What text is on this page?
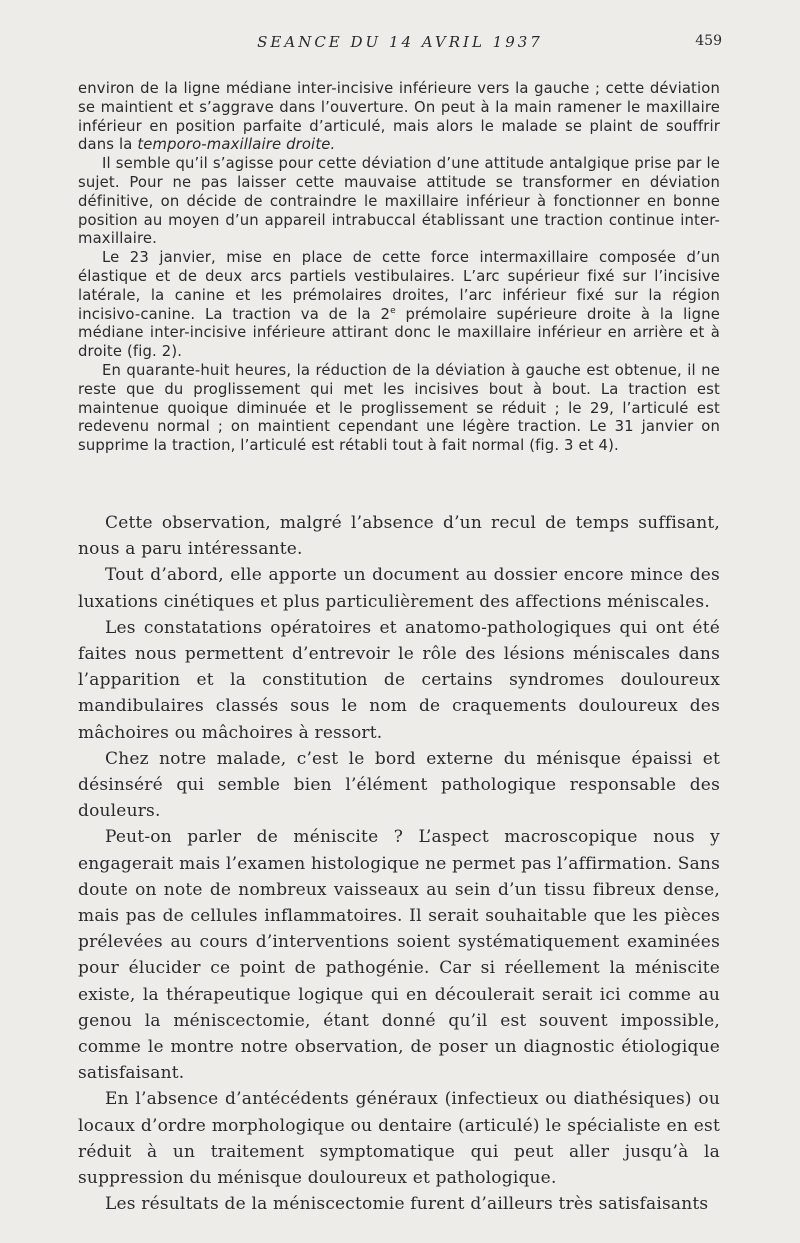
SEANCE DU 14 AVRIL 1937	459

environ de la ligne médiane inter-incisive inférieure vers la gauche ; cette déviation se maintient et s’aggrave dans l’ouverture. On peut à la main ramener le maxillaire inférieur en position parfaite d’articulé, mais alors le malade se plaint de souffrir dans la temporo-maxillaire droite.

Il semble qu’il s’agisse pour cette déviation d’une attitude antalgique prise par le sujet. Pour ne pas laisser cette mauvaise attitude se transformer en déviation définitive, on décide de contraindre le maxillaire inférieur à fonctionner en bonne position au moyen d’un appareil intrabuccal établissant une traction continue inter-maxillaire.

Le 23 janvier, mise en place de cette force intermaxillaire composée d’un élastique et de deux arcs partiels vestibulaires. L’arc supérieur fixé sur l’incisive latérale, la canine et les prémolaires droites, l’arc inférieur fixé sur la région incisivo-canine. La traction va de la 2e prémolaire supérieure droite à la ligne médiane inter-incisive inférieure attirant donc le maxillaire inférieur en arrière et à droite (fig. 2).

En quarante-huit heures, la réduction de la déviation à gauche est obtenue, il ne reste que du proglissement qui met les incisives bout à bout. La traction est maintenue quoique diminuée et le proglissement se réduit ; le 29, l’articulé est redevenu normal ; on maintient cependant une légère traction. Le 31 janvier on supprime la traction, l’articulé est rétabli tout à fait normal (fig. 3 et 4).

Cette observation, malgré l’absence d’un recul de temps suffisant, nous a paru intéressante.

Tout d’abord, elle apporte un document au dossier encore mince des luxations cinétiques et plus particulièrement des affections méniscales.

Les constatations opératoires et anatomo-pathologiques qui ont été faites nous permettent d’entrevoir le rôle des lésions méniscales dans l’apparition et la constitution de certains syndromes douloureux mandibulaires classés sous le nom de craquements douloureux des mâchoires ou mâchoires à ressort.

Chez notre malade, c’est le bord externe du ménisque épaissi et désinséré qui semble bien l’élément pathologique responsable des douleurs.

Peut-on parler de méniscite ? L’aspect macroscopique nous y engagerait mais l’examen histologique ne permet pas l’affirmation. Sans doute on note de nombreux vaisseaux au sein d’un tissu fibreux dense, mais pas de cellules inflammatoires. Il serait souhaitable que les pièces prélevées au cours d’interventions soient systématiquement examinées pour élucider ce point de pathogénie. Car si réellement la méniscite existe, la thérapeutique logique qui en découlerait serait ici comme au genou la méniscectomie, étant donné qu’il est souvent impossible, comme le montre notre observation, de poser un diagnostic étiologique satisfaisant.

En l’absence d’antécédents généraux (infectieux ou diathésiques) ou locaux d’ordre morphologique ou dentaire (articulé) le spécialiste en est réduit à un traitement symptomatique qui peut aller jusqu’à la suppression du ménisque douloureux et pathologique.

Les résultats de la méniscectomie furent d’ailleurs très satisfaisants
